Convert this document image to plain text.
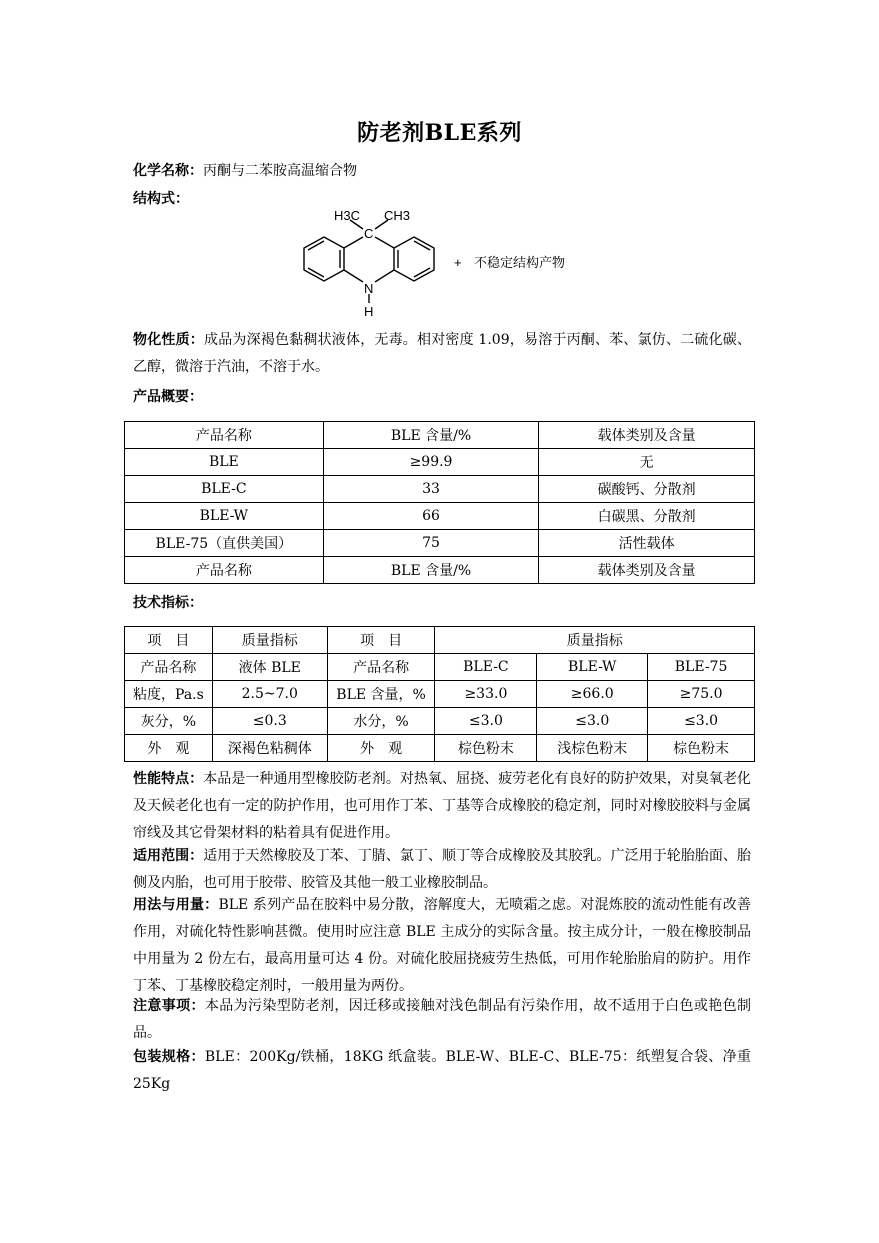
防老剂BLE系列
化学名称：丙酮与二苯胺高温缩合物
结构式：
H3C CH3
C
N
H
+ 不稳定结构产物
物化性质：成品为深褐色黏稠状液体，无毒。相对密度 1.09，易溶于丙酮、苯、氯仿、二硫化碳、乙醇，微溶于汽油，不溶于水。
产品概要：
产品名称	BLE 含量/%	载体类别及含量
BLE	≥99.9	无
BLE-C	33	碳酸钙、分散剂
BLE-W	66	白碳黑、分散剂
BLE-75（直供美国）	75	活性载体
产品名称	BLE 含量/%	载体类别及含量
技术指标：
项　目	质量指标	项　目	质量指标		
产品名称	液体 BLE	产品名称	BLE-C	BLE-W	BLE-75
粘度，Pa.s	2.5~7.0	BLE 含量，%	≥33.0	≥66.0	≥75.0
灰分，%	≤0.3	水分，%	≤3.0	≤3.0	≤3.0
外　观	深褐色粘稠体	外　观	棕色粉末	浅棕色粉末	棕色粉末
性能特点：本品是一种通用型橡胶防老剂。对热氧、屈挠、疲劳老化有良好的防护效果，对臭氧老化及天候老化也有一定的防护作用，也可用作丁苯、丁基等合成橡胶的稳定剂，同时对橡胶胶料与金属帘线及其它骨架材料的粘着具有促进作用。
适用范围：适用于天然橡胶及丁苯、丁腈、氯丁、顺丁等合成橡胶及其胶乳。广泛用于轮胎胎面、胎侧及内胎，也可用于胶带、胶管及其他一般工业橡胶制品。
用法与用量：BLE 系列产品在胶料中易分散，溶解度大，无喷霜之虑。对混炼胶的流动性能有改善作用，对硫化特性影响甚微。使用时应注意 BLE 主成分的实际含量。按主成分计，一般在橡胶制品中用量为 2 份左右，最高用量可达 4 份。对硫化胶屈挠疲劳生热低，可用作轮胎胎肩的防护。用作丁苯、丁基橡胶稳定剂时，一般用量为两份。
注意事项：本品为污染型防老剂，因迁移或接触对浅色制品有污染作用，故不适用于白色或艳色制品。
包装规格：BLE：200Kg/铁桶，18KG 纸盒装。BLE-W、BLE-C、BLE-75：纸塑复合袋、净重 25Kg
